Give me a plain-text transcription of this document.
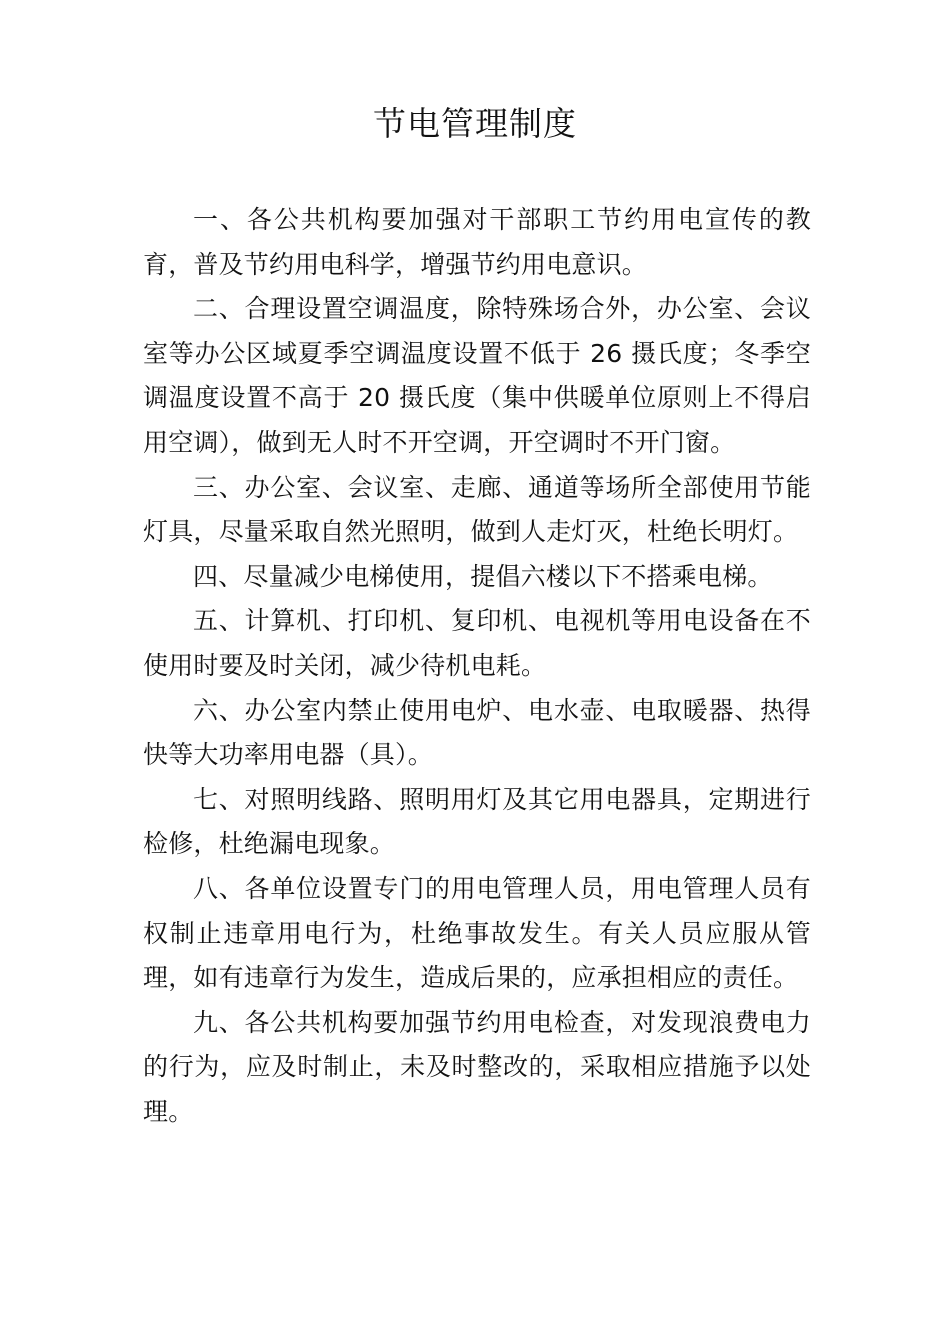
节电管理制度

一、各公共机构要加强对干部职工节约用电宣传的教育，普及节约用电科学，增强节约用电意识。

二、合理设置空调温度，除特殊场合外，办公室、会议室等办公区域夏季空调温度设置不低于 26 摄氏度；冬季空调温度设置不高于 20 摄氏度（集中供暖单位原则上不得启用空调），做到无人时不开空调，开空调时不开门窗。

三、办公室、会议室、走廊、通道等场所全部使用节能灯具，尽量采取自然光照明，做到人走灯灭，杜绝长明灯。

四、尽量减少电梯使用，提倡六楼以下不搭乘电梯。

五、计算机、打印机、复印机、电视机等用电设备在不使用时要及时关闭，减少待机电耗。

六、办公室内禁止使用电炉、电水壶、电取暖器、热得快等大功率用电器（具）。

七、对照明线路、照明用灯及其它用电器具，定期进行检修，杜绝漏电现象。

八、各单位设置专门的用电管理人员，用电管理人员有权制止违章用电行为，杜绝事故发生。有关人员应服从管理，如有违章行为发生，造成后果的，应承担相应的责任。

九、各公共机构要加强节约用电检查，对发现浪费电力的行为，应及时制止，未及时整改的，采取相应措施予以处理。
